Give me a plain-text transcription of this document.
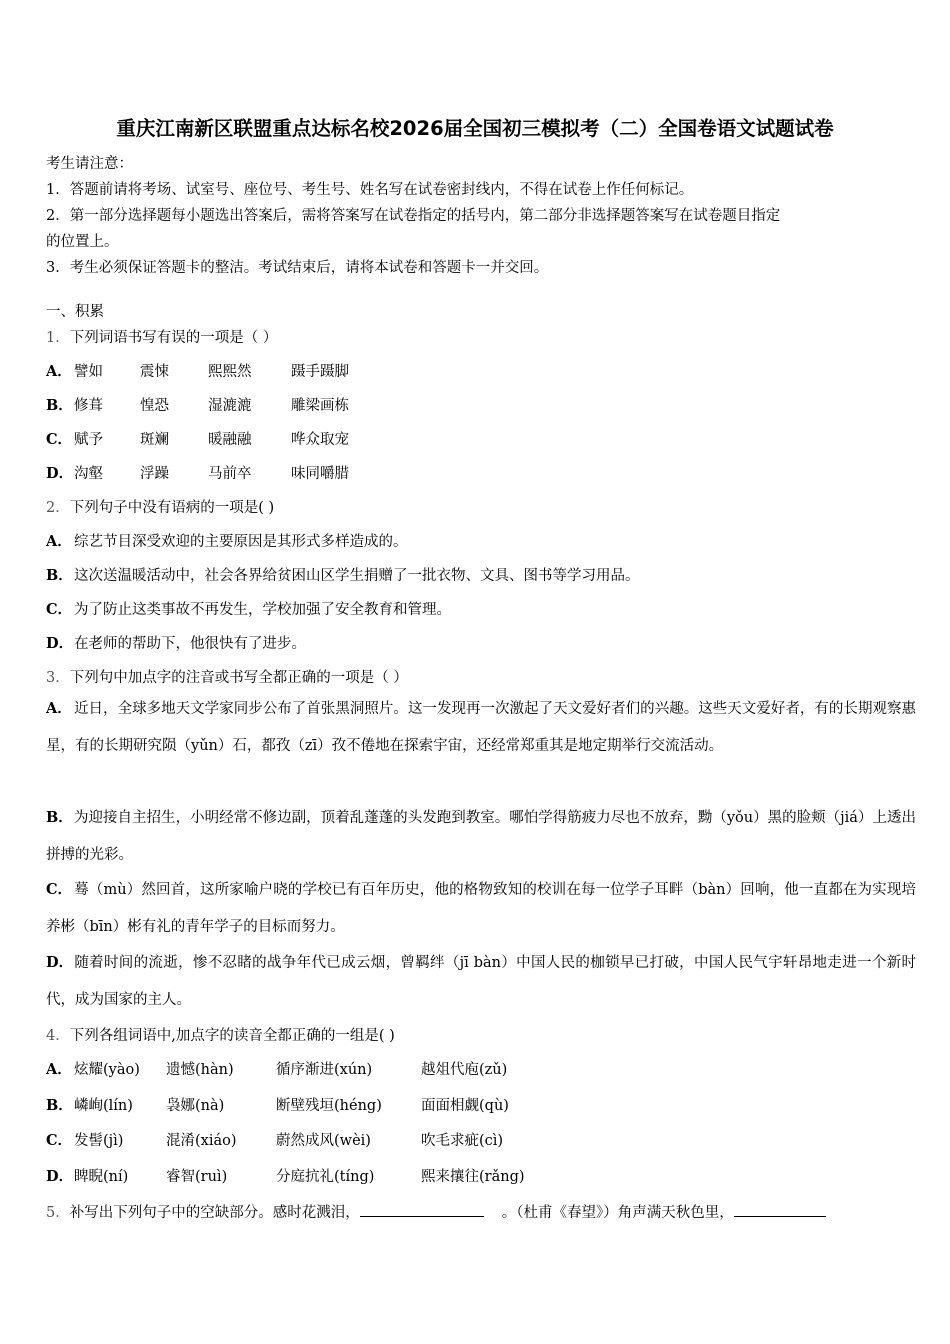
重庆江南新区联盟重点达标名校2026届全国初三模拟考（二）全国卷语文试题试卷
考生请注意：
1．答题前请将考场、试室号、座位号、考生号、姓名写在试卷密封线内，不得在试卷上作任何标记。
2．第一部分选择题每小题选出答案后，需将答案写在试卷指定的括号内，第二部分非选择题答案写在试卷题目指定
的位置上。
3．考生必须保证答题卡的整洁。考试结束后，请将本试卷和答题卡一并交回。
一、积累
1．下列词语书写有误的一项是（ ）
A． 譬如	震悚	熙熙然	蹑手蹑脚
B．修葺	惶恐	湿漉漉	雕梁画栋
C． 赋予	斑斓	暖融融	哗众取宠
D．沟壑	浮躁	马前卒	味同嚼腊
2．下列句子中没有语病的一项是( )
A． 综艺节目深受欢迎的主要原因是其形式多样造成的。
B．这次送温暖活动中，社会各界给贫困山区学生捐赠了一批衣物、文具、图书等学习用品。
C． 为了防止这类事故不再发生，学校加强了安全教育和管理。
D．在老师的帮助下，他很快有了进步。
3．下列句中加点字的注音或书写全都正确的一项是（ ）
A． 近日，全球多地天文学家同步公布了首张黑洞照片。这一发现再一次激起了天文爱好者们的兴趣。这些天文爱好者，有的长期观察惠星，有的长期研究陨（yǔn）石，都孜（zī）孜不倦地在探索宇宙，还经常郑重其是地定期举行交流活动。
B．为迎接自主招生，小明经常不修边副，顶着乱蓬蓬的头发跑到教室。哪怕学得筋疲力尽也不放弃，黝（yǒu）黑的脸颊（jiá）上透出拼搏的光彩。
C． 蓦（mù）然回首，这所家喻户晓的学校已有百年历史，他的格物致知的校训在每一位学子耳畔（bàn）回响，他一直都在为实现培养彬（bīn）彬有礼的青年学子的目标而努力。
D．随着时间的流逝，惨不忍睹的战争年代已成云烟，曾羁绊（jī bàn）中国人民的枷锁早已打破，中国人民气宇轩昂地走进一个新时代，成为国家的主人。
4．下列各组词语中,加点字的读音全都正确的一组是( )
A． 炫耀(yào) 遗憾(hàn)	循序渐进(xún)	越俎代庖(zǔ)
B．嶙峋(lín) 袅娜(nà)	断壁残垣(héng)	面面相觑(qù)
C． 发髻(jì)	混淆(xiáo)	蔚然成风(wèi)	吹毛求疵(cì)
D．睥睨(ní)	睿智(ruì)	分庭抗礼(tíng)	熙来攘往(rǎng)
5．补写出下列句子中的空缺部分。感时花溅泪，	。（杜甫《春望》）角声满天秋色里，
